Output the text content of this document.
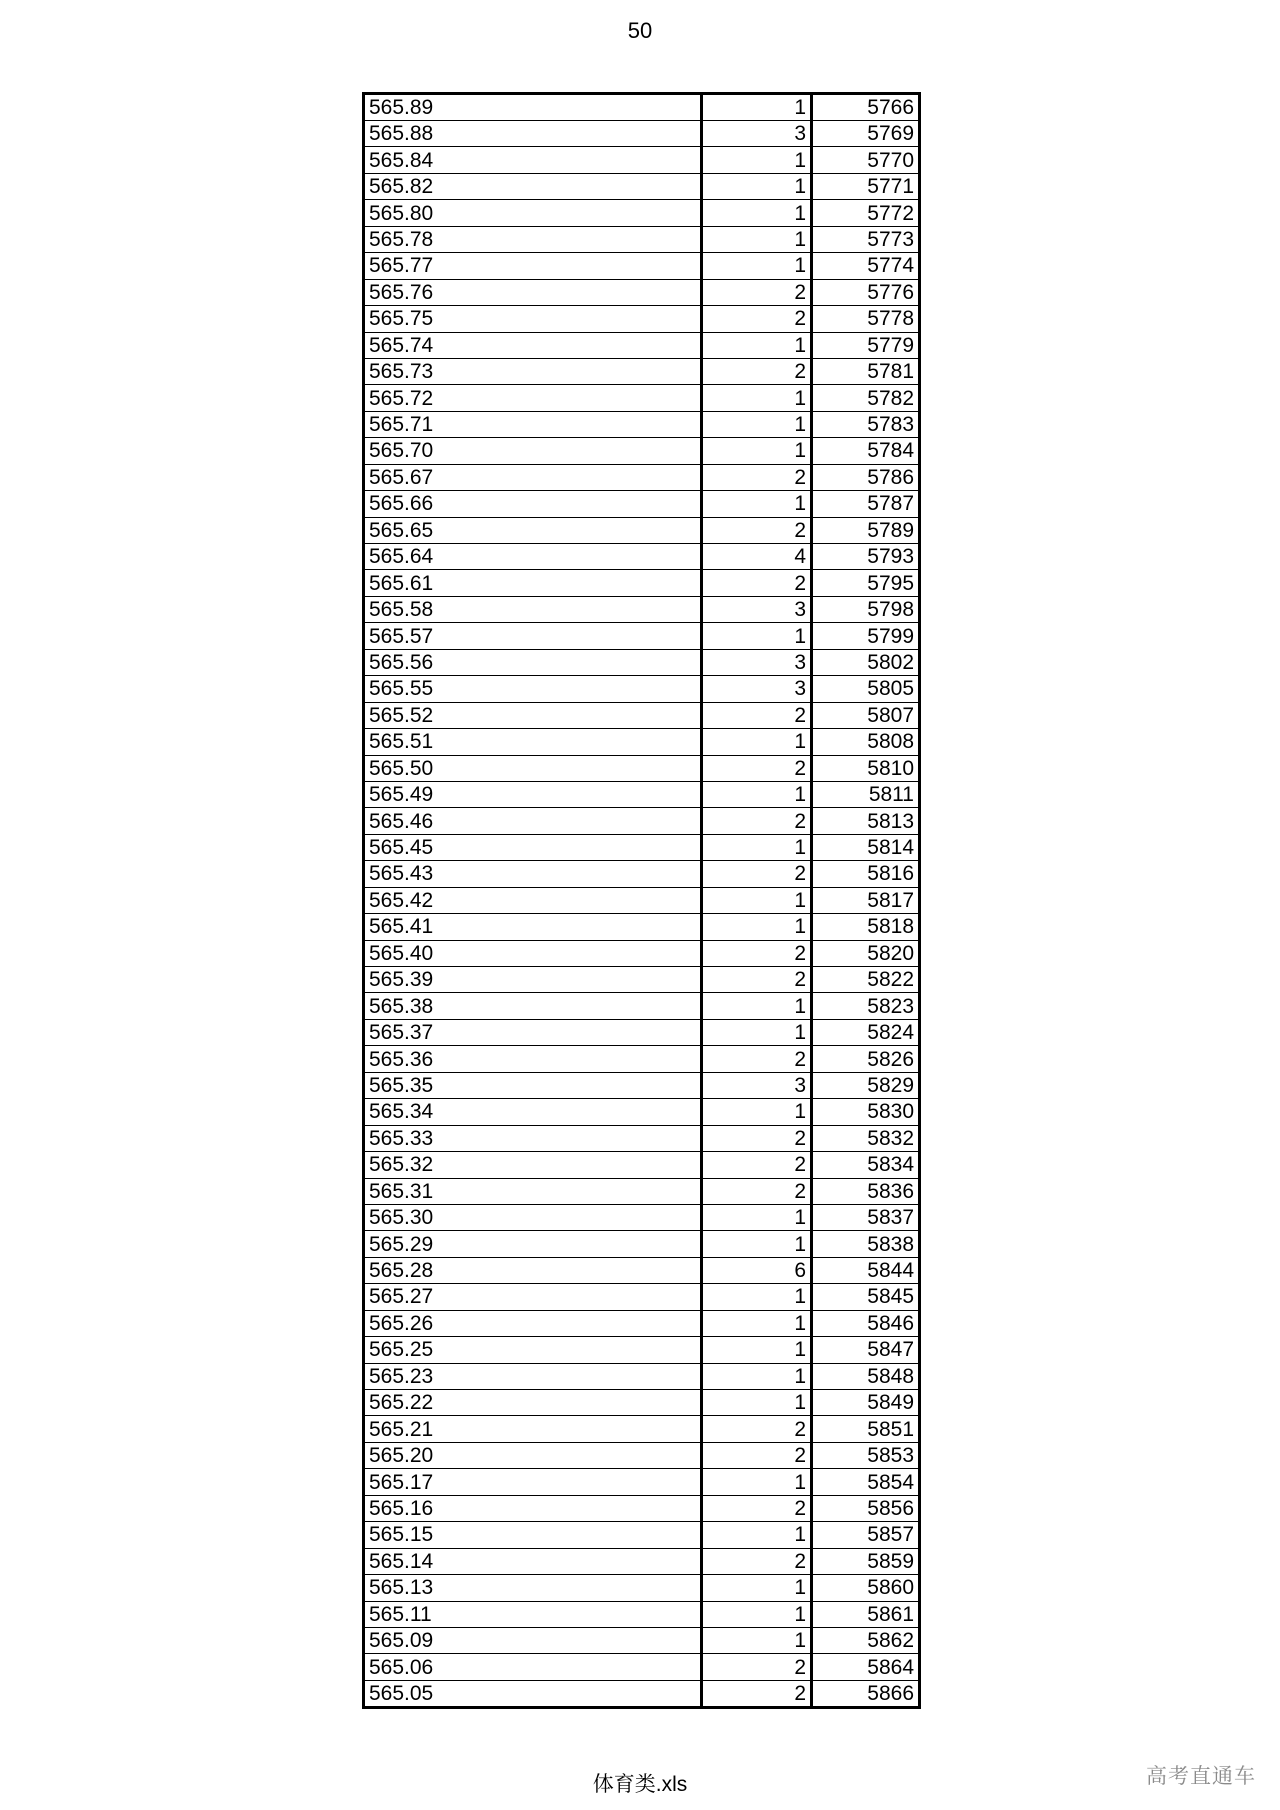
50
565.89	1	5766
565.88	3	5769
565.84	1	5770
565.82	1	5771
565.80	1	5772
565.78	1	5773
565.77	1	5774
565.76	2	5776
565.75	2	5778
565.74	1	5779
565.73	2	5781
565.72	1	5782
565.71	1	5783
565.70	1	5784
565.67	2	5786
565.66	1	5787
565.65	2	5789
565.64	4	5793
565.61	2	5795
565.58	3	5798
565.57	1	5799
565.56	3	5802
565.55	3	5805
565.52	2	5807
565.51	1	5808
565.50	2	5810
565.49	1	5811
565.46	2	5813
565.45	1	5814
565.43	2	5816
565.42	1	5817
565.41	1	5818
565.40	2	5820
565.39	2	5822
565.38	1	5823
565.37	1	5824
565.36	2	5826
565.35	3	5829
565.34	1	5830
565.33	2	5832
565.32	2	5834
565.31	2	5836
565.30	1	5837
565.29	1	5838
565.28	6	5844
565.27	1	5845
565.26	1	5846
565.25	1	5847
565.23	1	5848
565.22	1	5849
565.21	2	5851
565.20	2	5853
565.17	1	5854
565.16	2	5856
565.15	1	5857
565.14	2	5859
565.13	1	5860
565.11	1	5861
565.09	1	5862
565.06	2	5864
565.05	2	5866
体育类.xls	高考直通车
